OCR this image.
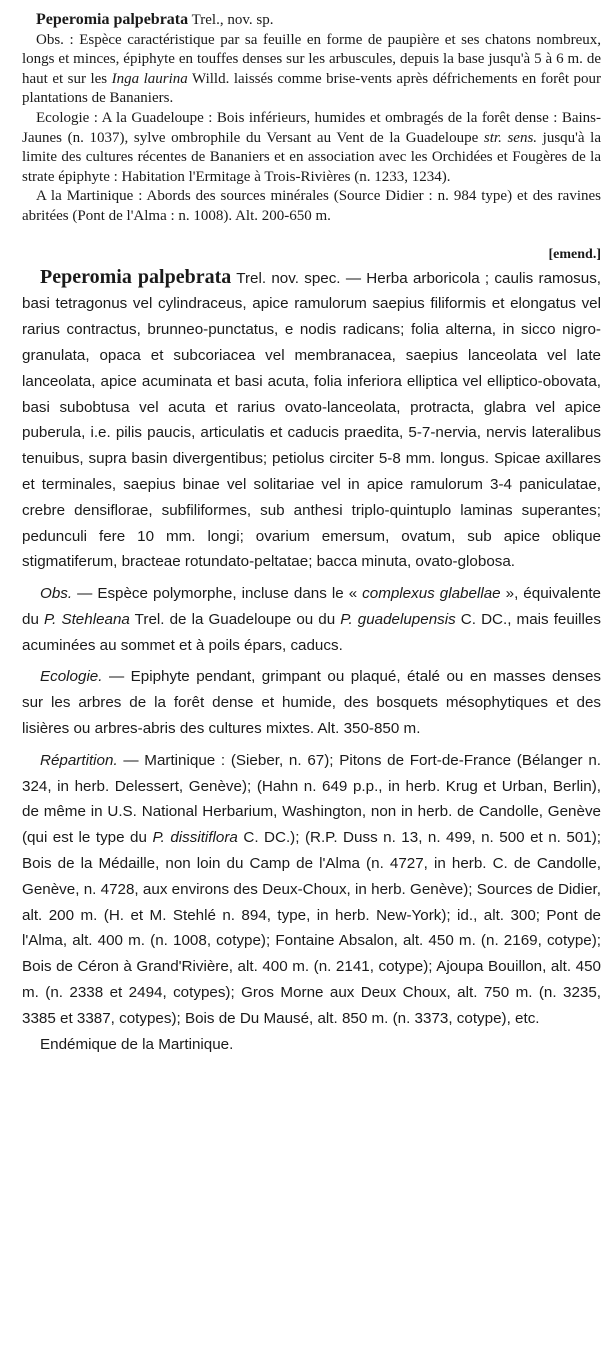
Peperomia palpebrata Trel., nov. sp.

Obs. : Espèce caractéristique par sa feuille en forme de paupière et ses chatons nombreux, longs et minces, épiphyte en touffes denses sur les arbuscules, depuis la base jusqu'à 5 à 6 m. de haut et sur les Inga laurina Willd. laissés comme brise-vents après défrichements en forêt pour plantations de Bananiers.

Ecologie : A la Guadeloupe : Bois inférieurs, humides et ombragés de la forêt dense : Bains-Jaunes (n. 1037), sylve ombrophile du Versant au Vent de la Guadeloupe str. sens. jusqu'à la limite des cultures récentes de Bananiers et en association avec les Orchidées et Fougères de la strate épiphyte : Habitation l'Ermitage à Trois-Rivières (n. 1233, 1234).

A la Martinique : Abords des sources minérales (Source Didier : n. 984 type) et des ravines abritées (Pont de l'Alma : n. 1008). Alt. 200-650 m.

[emend.]

Peperomia palpebrata Trel. nov. spec. — Herba arboricola ; caulis ramosus, basi tetragonus vel cylindraceus, apice ramulorum saepius filiformis et elongatus vel rarius contractus, brunneo-punctatus, e nodis radicans; folia alterna, in sicco nigro-granulata, opaca et subcoriacea vel membranacea, saepius lanceolata vel late lanceolata, apice acuminata et basi acuta, folia inferiora elliptica vel elliptico-obovata, basi subobtusa vel acuta et rarius ovato-lanceolata, protracta, glabra vel apice puberula, i.e. pilis paucis, articulatis et caducis praedita, 5-7-nervia, nervis lateralibus tenuibus, supra basin divergentibus; petiolus circiter 5-8 mm. longus. Spicae axillares et terminales, saepius binae vel solitariae vel in apice ramulorum 3-4 paniculatae, crebre densiflorae, subfiliformes, sub anthesi triplo-quintuplo laminas superantes; pedunculi fere 10 mm. longi; ovarium emersum, ovatum, sub apice oblique stigmatiferum, bracteae rotundato-peltatae; bacca minuta, ovato-globosa.

Obs. — Espèce polymorphe, incluse dans le « complexus glabellae », équivalente du P. Stehleana Trel. de la Guadeloupe ou du P. guadelupensis C. DC., mais feuilles acuminées au sommet et à poils épars, caducs.

Ecologie. — Epiphyte pendant, grimpant ou plaqué, étalé ou en masses denses sur les arbres de la forêt dense et humide, des bosquets mésophytiques et des lisières ou arbres-abris des cultures mixtes. Alt. 350-850 m.

Répartition. — Martinique : (Sieber, n. 67); Pitons de Fort-de-France (Bélanger n. 324, in herb. Delessert, Genève); (Hahn n. 649 p.p., in herb. Krug et Urban, Berlin), de même in U.S. National Herbarium, Washington, non in herb. de Candolle, Genève (qui est le type du P. dissitiflora C. DC.); (R.P. Duss n. 13, n. 499, n. 500 et n. 501); Bois de la Médaille, non loin du Camp de l'Alma (n. 4727, in herb. C. de Candolle, Genève, n. 4728, aux environs des Deux-Choux, in herb. Genève); Sources de Didier, alt. 200 m. (H. et M. Stehlé n. 894, type, in herb. New-York); id., alt. 300; Pont de l'Alma, alt. 400 m. (n. 1008, cotype); Fontaine Absalon, alt. 450 m. (n. 2169, cotype); Bois de Céron à Grand'Rivière, alt. 400 m. (n. 2141, cotype); Ajoupa Bouillon, alt. 450 m. (n. 2338 et 2494, cotypes); Gros Morne aux Deux Choux, alt. 750 m. (n. 3235, 3385 et 3387, cotypes); Bois de Du Mausé, alt. 850 m. (n. 3373, cotype), etc.

Endémique de la Martinique.
